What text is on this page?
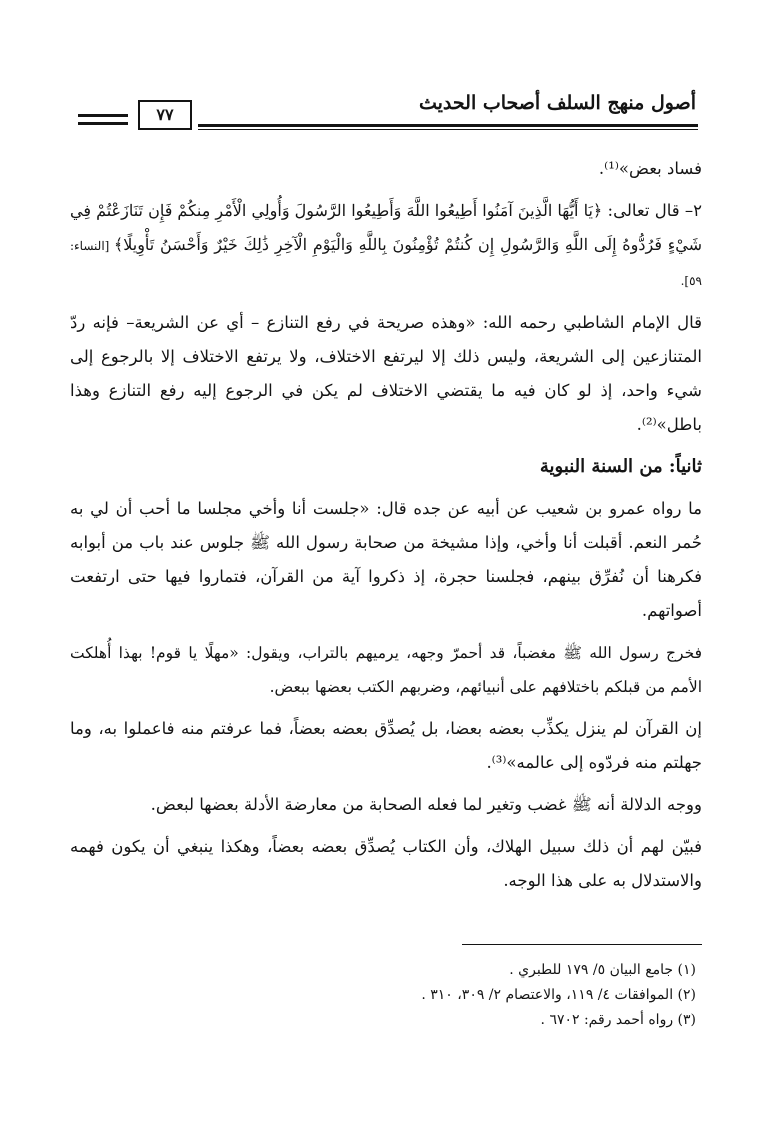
أصول منهج السلف أصحاب الحديث
٧٧

فساد بعض»⁽¹⁾.

٢– قال تعالى: ﴿يَا أَيُّهَا الَّذِينَ آمَنُوا أَطِيعُوا اللَّهَ وَأَطِيعُوا الرَّسُولَ وَأُولِي الْأَمْرِ مِنكُمْ فَإِن تَنَازَعْتُمْ فِي شَيْءٍ فَرُدُّوهُ إِلَى اللَّهِ وَالرَّسُولِ إِن كُنتُمْ تُؤْمِنُونَ بِاللَّهِ وَالْيَوْمِ الْآخِرِ ذَٰلِكَ خَيْرٌ وَأَحْسَنُ تَأْوِيلًا﴾ [النساء: ٥٩].

قال الإمام الشاطبي رحمه الله: «وهذه صريحة في رفع التنازع – أي عن الشريعة– فإنه ردّ المتنازعين إلى الشريعة، وليس ذلك إلا ليرتفع الاختلاف، ولا يرتفع الاختلاف إلا بالرجوع إلى شيء واحد، إذ لو كان فيه ما يقتضي الاختلاف لم يكن في الرجوع إليه رفع التنازع وهذا باطل»⁽²⁾.

ثانياً: من السنة النبوية

ما رواه عمرو بن شعيب عن أبيه عن جده قال: «جلست أنا وأخي مجلسا ما أحب أن لي به حُمر النعم. أقبلت أنا وأخي، وإذا مشيخة من صحابة رسول الله ﷺ جلوس عند باب من أبوابه فكرهنا أن نُفرِّق بينهم، فجلسنا حجرة، إذ ذكروا آية من القرآن، فتماروا فيها حتى ارتفعت أصواتهم.

فخرج رسول الله ﷺ مغضباً، قد أحمرّ وجهه، يرميهم بالتراب، ويقول: «مهلًا يا قوم! بهذا أُهلكت الأمم من قبلكم باختلافهم على أنبيائهم، وضربهم الكتب بعضها ببعض.

إن القرآن لم ينزل يكذِّب بعضه بعضا، بل يُصدِّق بعضه بعضاً، فما عرفتم منه فاعملوا به، وما جهلتم منه فردّوه إلى عالمه»⁽³⁾.

ووجه الدلالة أنه ﷺ غضب وتغير لما فعله الصحابة من معارضة الأدلة بعضها لبعض.

فبيّن لهم أن ذلك سبيل الهلاك، وأن الكتاب يُصدِّق بعضه بعضاً، وهكذا ينبغي أن يكون فهمه والاستدلال به على هذا الوجه.

(١) جامع البيان ٥/ ١٧٩ للطبري .
(٢) الموافقات ٤/ ١١٩، والاعتصام ٢/ ٣٠٩، ٣١٠ .
(٣) رواه أحمد رقم: ٦٧٠٢ .
